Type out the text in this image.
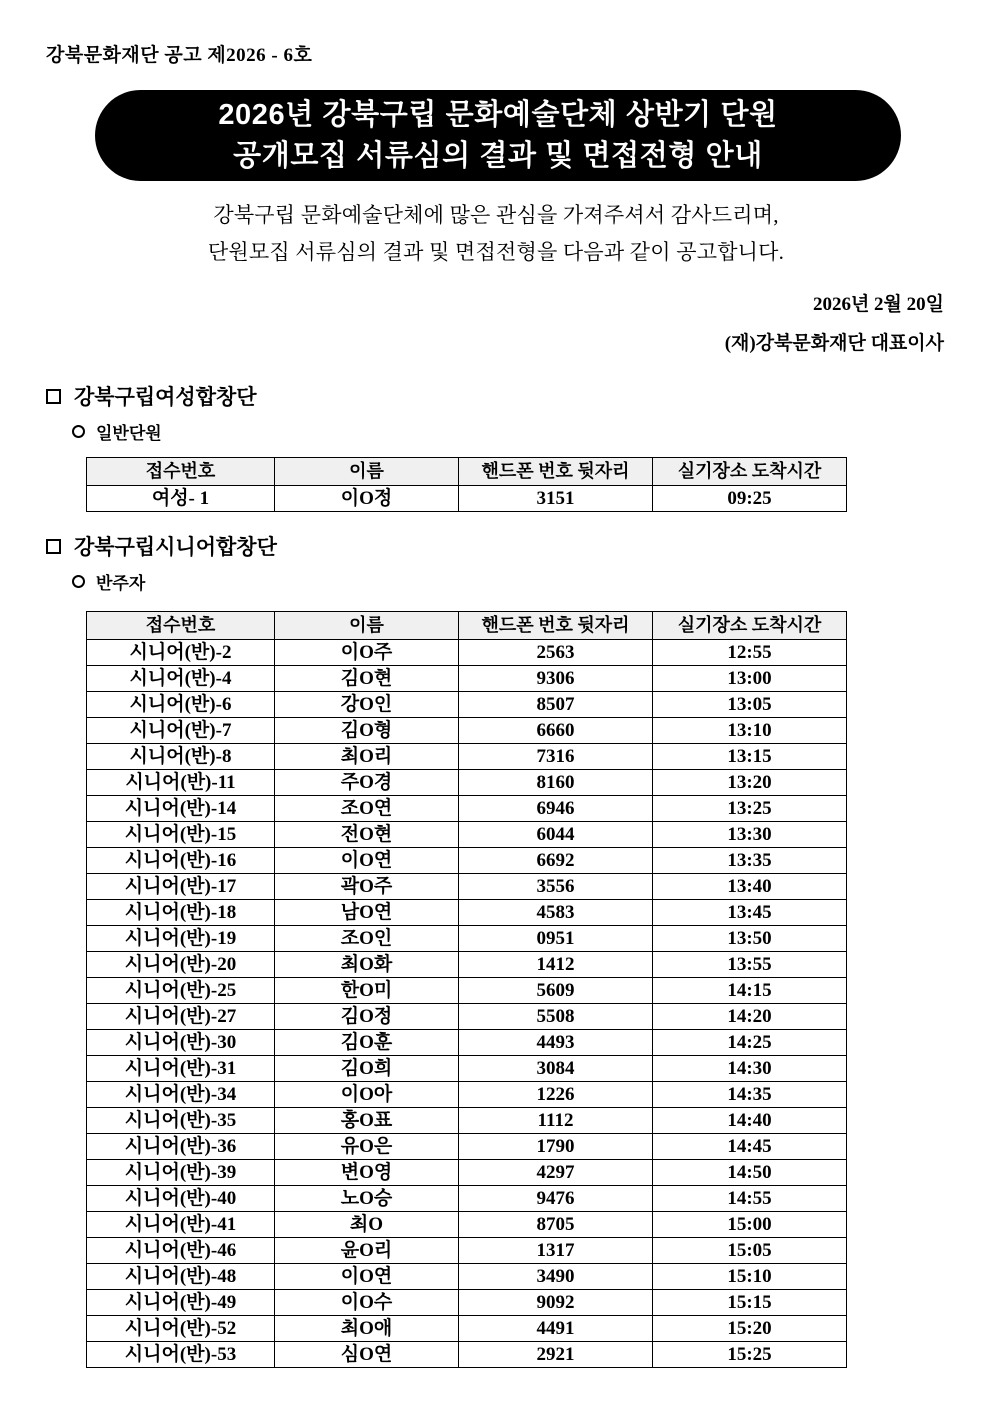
강북문화재단 공고 제2026 - 6호
2026년 강북구립 문화예술단체 상반기 단원
공개모집 서류심의 결과 및 면접전형 안내
강북구립 문화예술단체에 많은 관심을 가져주셔서 감사드리며,
단원모집 서류심의 결과 및 면접전형을 다음과 같이 공고합니다.
2026년 2월 20일
(재)강북문화재단 대표이사
강북구립여성합창단
일반단원
접수번호	이름	핸드폰 번호 뒷자리	실기장소 도착시간
여성- 1	이O정	3151	09:25
강북구립시니어합창단
반주자
접수번호	이름	핸드폰 번호 뒷자리	실기장소 도착시간
시니어(반)-2	이O주	2563	12:55
시니어(반)-4	김O현	9306	13:00
시니어(반)-6	강O인	8507	13:05
시니어(반)-7	김O형	6660	13:10
시니어(반)-8	최O리	7316	13:15
시니어(반)-11	주O경	8160	13:20
시니어(반)-14	조O연	6946	13:25
시니어(반)-15	전O현	6044	13:30
시니어(반)-16	이O연	6692	13:35
시니어(반)-17	곽O주	3556	13:40
시니어(반)-18	남O연	4583	13:45
시니어(반)-19	조O인	0951	13:50
시니어(반)-20	최O화	1412	13:55
시니어(반)-25	한O미	5609	14:15
시니어(반)-27	김O정	5508	14:20
시니어(반)-30	김O훈	4493	14:25
시니어(반)-31	김O희	3084	14:30
시니어(반)-34	이O아	1226	14:35
시니어(반)-35	홍O표	1112	14:40
시니어(반)-36	유O은	1790	14:45
시니어(반)-39	변O영	4297	14:50
시니어(반)-40	노O승	9476	14:55
시니어(반)-41	최O	8705	15:00
시니어(반)-46	윤O리	1317	15:05
시니어(반)-48	이O연	3490	15:10
시니어(반)-49	이O수	9092	15:15
시니어(반)-52	최O애	4491	15:20
시니어(반)-53	심O연	2921	15:25
